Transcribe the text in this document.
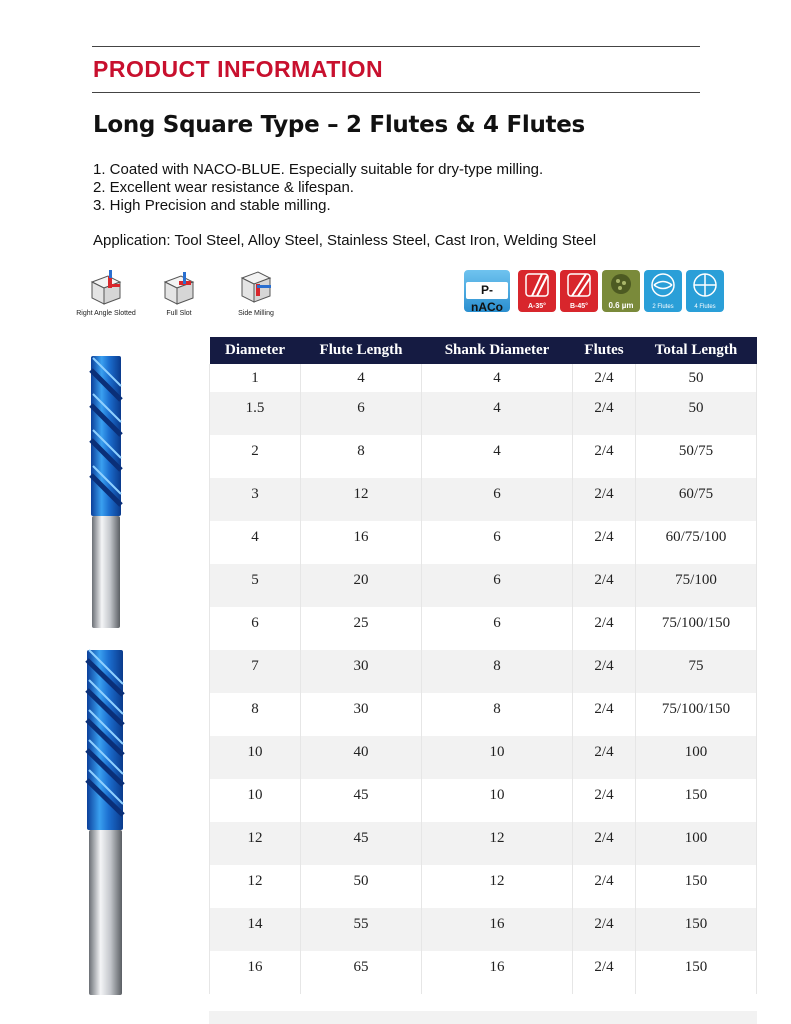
PRODUCT INFORMATION
Long Square Type – 2 Flutes & 4 Flutes
1. Coated with NACO-BLUE. Especially suitable for dry-type milling.
2. Excellent wear resistance & lifespan.
3. High Precision and stable milling.
Application: Tool Steel, Alloy Steel, Stainless Steel, Cast Iron, Welding Steel
Right Angle Slotted	Full Slot	Side Milling
P-nACo	A-35°	B-45°	0.6 µm	2 Flutes	4 Flutes
Diameter	Flute Length	Shank Diameter	Flutes	Total Length
1	4	4	2/4	50
1.5	6	4	2/4	50
2	8	4	2/4	50/75
3	12	6	2/4	60/75
4	16	6	2/4	60/75/100
5	20	6	2/4	75/100
6	25	6	2/4	75/100/150
7	30	8	2/4	75
8	30	8	2/4	75/100/150
10	40	10	2/4	100
10	45	10	2/4	150
12	45	12	2/4	100
12	50	12	2/4	150
14	55	16	2/4	150
16	65	16	2/4	150
